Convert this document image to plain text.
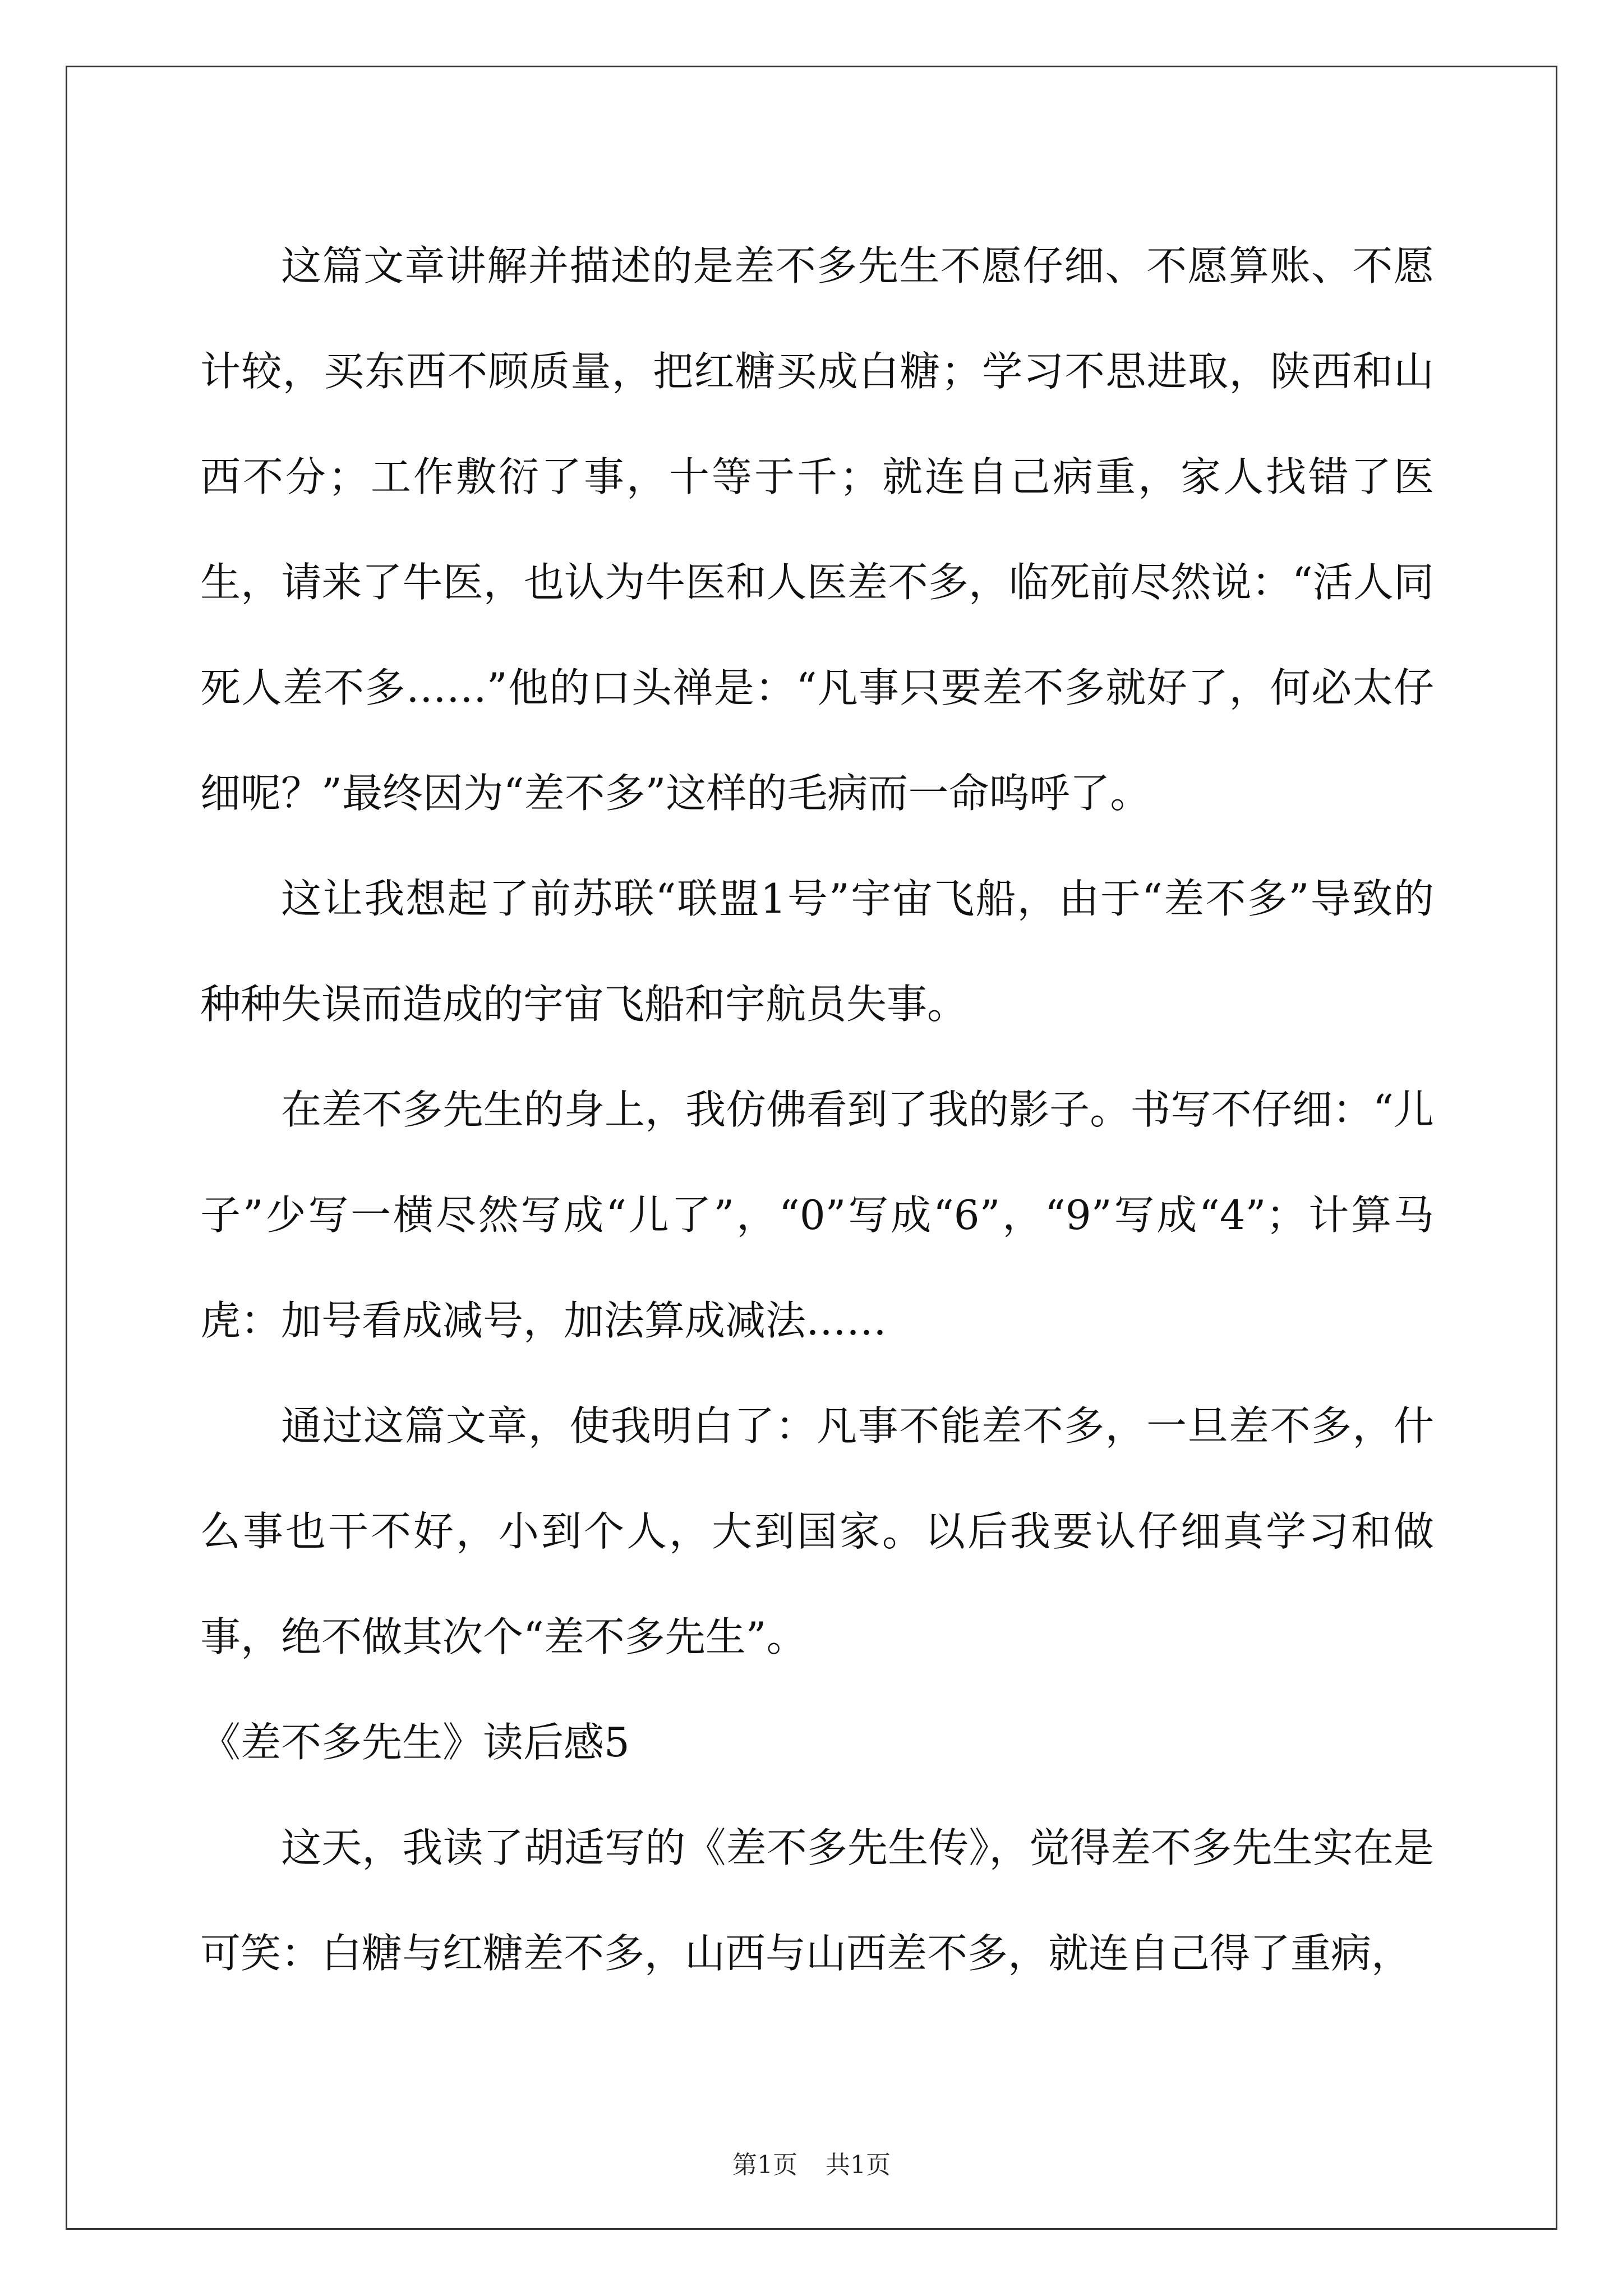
这篇文章讲解并描述的是差不多先生不愿仔细、不愿算账、不愿计较，买东西不顾质量，把红糖买成白糖；学习不思进取，陕西和山西不分；工作敷衍了事，十等于千；就连自己病重，家人找错了医生，请来了牛医，也认为牛医和人医差不多，临死前尽然说：“活人同死人差不多……”他的口头禅是：“凡事只要差不多就好了，何必太仔细呢？”最终因为“差不多”这样的毛病而一命呜呼了。

这让我想起了前苏联“联盟1号”宇宙飞船，由于“差不多”导致的种种失误而造成的宇宙飞船和宇航员失事。

在差不多先生的身上，我仿佛看到了我的影子。书写不仔细：“儿子”少写一横尽然写成“儿了”，“0”写成“6”，“9”写成“4”；计算马虎：加号看成减号，加法算成减法……

通过这篇文章，使我明白了：凡事不能差不多，一旦差不多，什么事也干不好，小到个人，大到国家。以后我要认仔细真学习和做事，绝不做其次个“差不多先生”。

《差不多先生》读后感5

这天，我读了胡适写的《差不多先生传》，觉得差不多先生实在是可笑：白糖与红糖差不多，山西与山西差不多，就连自己得了重病，

第1页 共1页
